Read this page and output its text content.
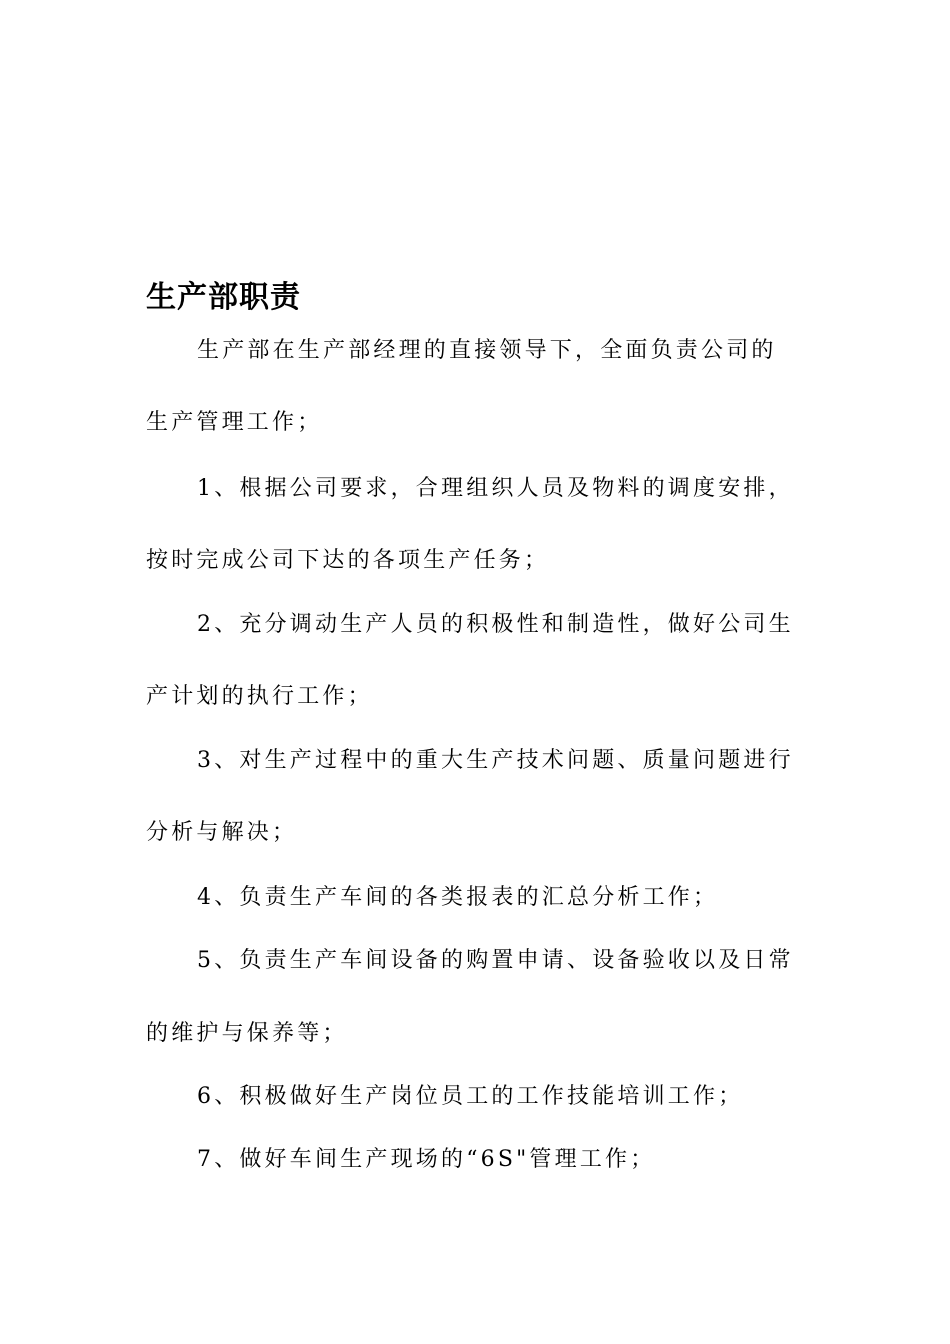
生产部职责

生产部在生产部经理的直接领导下，全面负责公司的

生产管理工作；

1、根据公司要求，合理组织人员及物料的调度安排，

按时完成公司下达的各项生产任务；

2、充分调动生产人员的积极性和制造性，做好公司生

产计划的执行工作；

3、对生产过程中的重大生产技术问题、质量问题进行

分析与解决；

4、负责生产车间的各类报表的汇总分析工作；

5、负责生产车间设备的购置申请、设备验收以及日常

的维护与保养等；

6、积极做好生产岗位员工的工作技能培训工作；

7、做好车间生产现场的“6S"管理工作；
